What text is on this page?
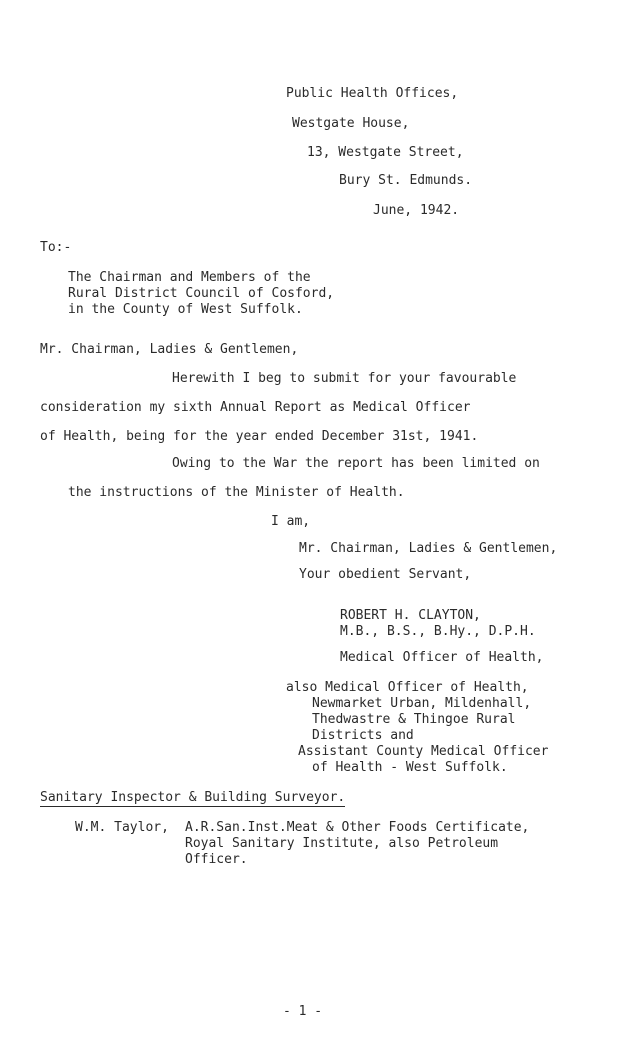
Public Health Offices,
Westgate House,
13, Westgate Street,
Bury St. Edmunds.
June, 1942.
To:-
The Chairman and Members of the
Rural District Council of Cosford,
in the County of West Suffolk.
Mr. Chairman, Ladies & Gentlemen,
Herewith I beg to submit for your favourable
consideration my sixth Annual Report as Medical Officer
of Health, being for the year ended December 31st, 1941.
Owing to the War the report has been limited on
the instructions of the Minister of Health.
I am,
Mr. Chairman, Ladies & Gentlemen,
Your obedient Servant,
ROBERT H. CLAYTON,
M.B., B.S., B.Hy., D.P.H.
Medical Officer of Health,
also Medical Officer of Health,
Newmarket Urban, Mildenhall,
Thedwastre & Thingoe Rural
Districts and
Assistant County Medical Officer
of Health - West Suffolk.
Sanitary Inspector & Building Surveyor.
W.M. Taylor, A.R.San.Inst.Meat & Other Foods Certificate,
Royal Sanitary Institute, also Petroleum
Officer.
- 1 -
